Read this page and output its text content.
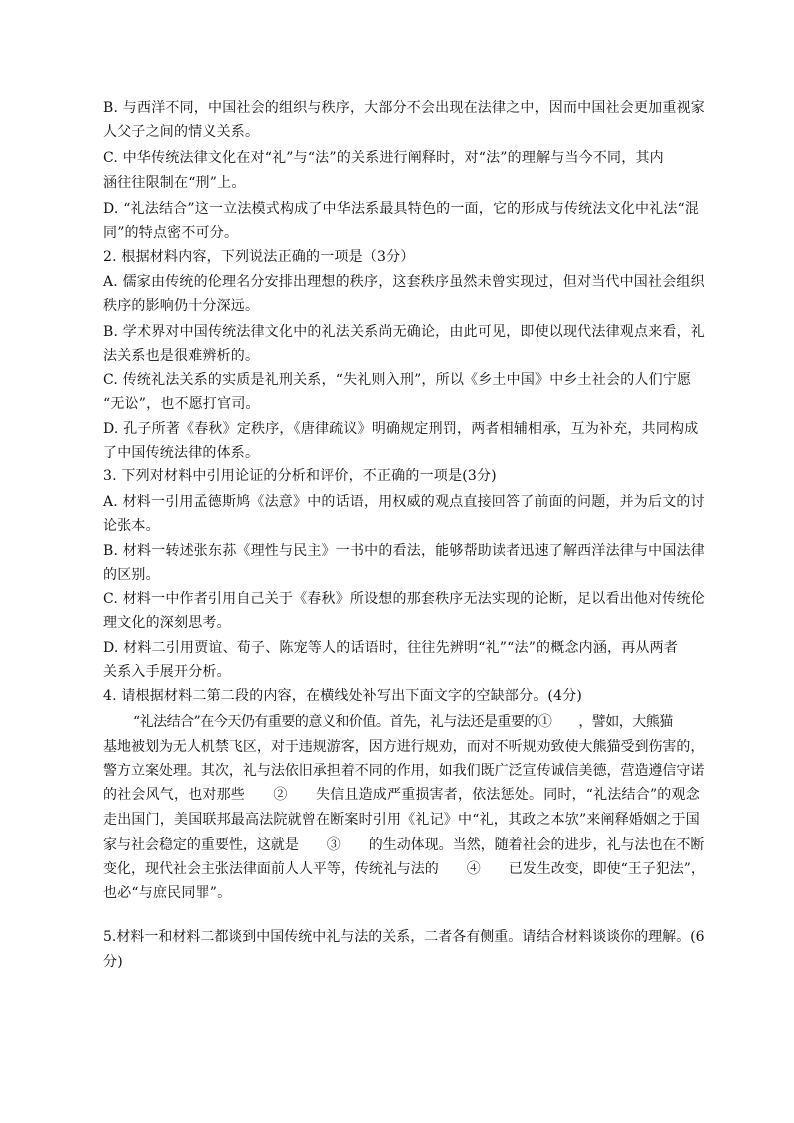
B. 与西洋不同，中国社会的组织与秩序，大部分不会出现在法律之中，因而中国社会更加重视家
人父子之间的情义关系。
C. 中华传统法律文化在对“礼”与“法”的关系进行阐释时，对“法”的理解与当今不同，其内
涵往往限制在“刑”上。
D. “礼法结合”这一立法模式构成了中华法系最具特色的一面，它的形成与传统法文化中礼法“混
同”的特点密不可分。
2. 根据材料内容，下列说法正确的一项是（3分）
A. 儒家由传统的伦理名分安排出理想的秩序，这套秩序虽然未曾实现过，但对当代中国社会组织
秩序的影响仍十分深远。
B. 学术界对中国传统法律文化中的礼法关系尚无确论，由此可见，即使以现代法律观点来看，礼
法关系也是很难辨析的。
C. 传统礼法关系的实质是礼刑关系，“失礼则入刑”，所以《乡土中国》中乡土社会的人们宁愿
“无讼”，也不愿打官司。
D. 孔子所著《春秋》定秩序，《唐律疏议》明确规定刑罚，两者相辅相承，互为补充，共同构成
了中国传统法律的体系。
3. 下列对材料中引用论证的分析和评价，不正确的一项是(3分)
A. 材料一引用孟德斯鸠《法意》中的话语，用权威的观点直接回答了前面的问题，并为后文的讨
论张本。
B. 材料一转述张东荪《理性与民主》一书中的看法，能够帮助读者迅速了解西洋法律与中国法律
的区别。
C. 材料一中作者引用自己关于《春秋》所设想的那套秩序无法实现的论断，足以看出他对传统伦
理文化的深刻思考。
D. 材料二引用贾谊、荀子、陈宠等人的话语时，往往先辨明“礼”“法”的概念内涵，再从两者
关系入手展开分析。
4. 请根据材料二第二段的内容，在横线处补写出下面文字的空缺部分。(4分)
“礼法结合”在今天仍有重要的意义和价值。首先，礼与法还是重要的①　　，譬如，大熊猫
基地被划为无人机禁飞区，对于违规游客，因方进行规劝，而对不听规劝致使大熊猫受到伤害的，
警方立案处理。其次，礼与法依旧承担着不同的作用，如我们既广泛宣传诚信美德，营造遵信守诺
的社会风气，也对那些　　②　　失信且造成严重损害者，依法惩处。同时，“礼法结合”的观念
走出国门，美国联邦最高法院就曾在断案时引用《礼记》中“礼，其政之本欤”来阐释婚姻之于国
家与社会稳定的重要性，这就是　　③　　的生动体现。当然，随着社会的进步，礼与法也在不断
变化，现代社会主张法律面前人人平等，传统礼与法的　　④　　已发生改变，即使“王子犯法”，
也必“与庶民同罪”。
5.材料一和材料二都谈到中国传统中礼与法的关系，二者各有侧重。请结合材料谈谈你的理解。(6
分)
